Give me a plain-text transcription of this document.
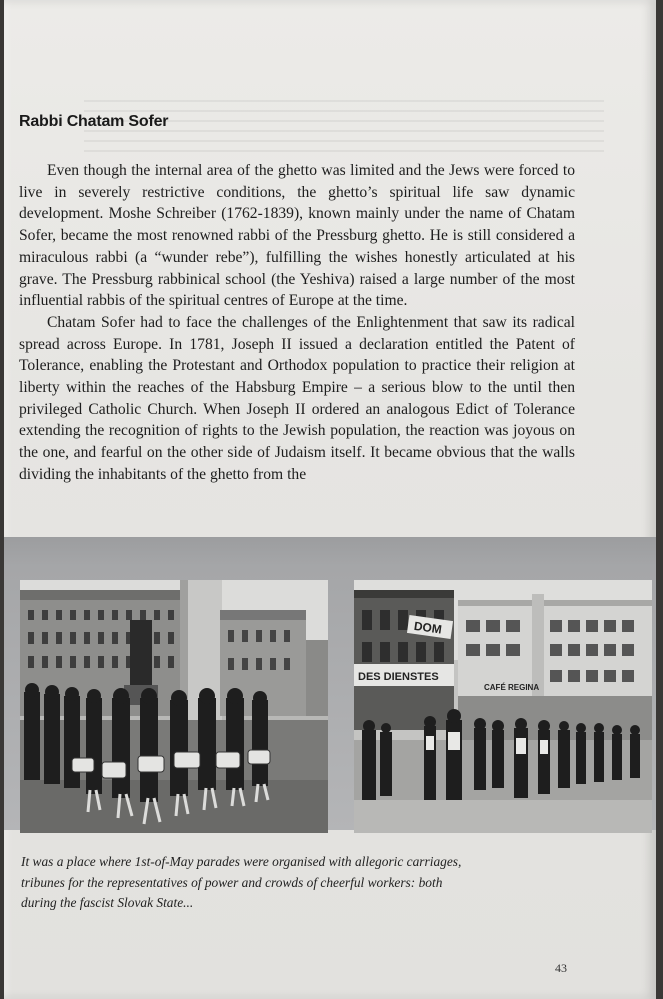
Rabbi Chatam Sofer

Even though the internal area of the ghetto was limited and the Jews were forced to live in severely restrictive conditions, the ghetto’s spiritual life saw dynamic development. Moshe Schreiber (1762-1839), known mainly under the name of Chatam Sofer, became the most renowned rabbi of the Pressburg ghetto. He is still considered a miraculous rabbi (a “wunder rebe”), fulfilling the wishes honestly articulated at his grave. The Pressburg rabbinical school (the Yeshiva) raised a large number of the most influential rabbis of the spiritual centres of Europe at the time.

Chatam Sofer had to face the challenges of the Enlightenment that saw its radical spread across Europe. In 1781, Joseph II issued a declaration entitled the Patent of Tolerance, enabling the Protestant and Orthodox population to practice their religion at liberty within the reaches of the Habsburg Empire – a serious blow to the until then privileged Catholic Church. When Joseph II ordered an analogous Edict of Tolerance extending the recognition of rights to the Jewish population, the reaction was joyous on the one, and fearful on the other side of Judaism itself. It became obvious that the walls dividing the inhabitants of the ghetto from the

DES DIENSTES
DOM
CAFÉ REGINA

It was a place where 1st-of-May parades were organised with allegoric carriages,
tribunes for the representatives of power and crowds of cheerful workers: both
during the fascist Slovak State...

43
